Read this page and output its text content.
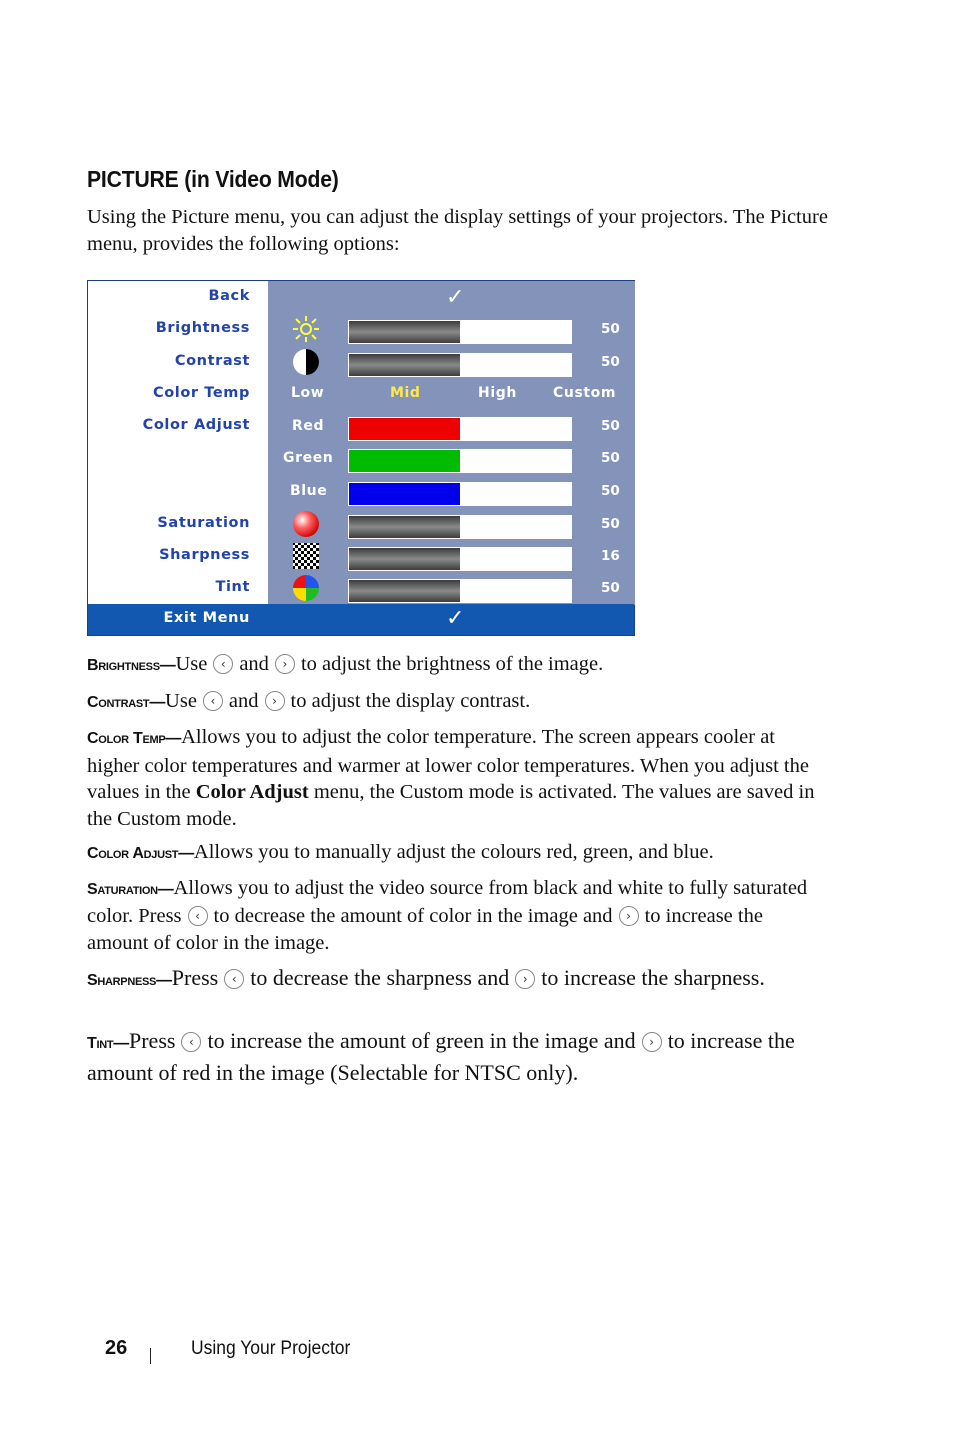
PICTURE (in Video Mode)

Using the Picture menu, you can adjust the display settings of your projectors. The Picture menu, provides the following options:

Back	✓
Brightness	50
Contrast	50
Color Temp	Low	Mid	High	Custom
Color Adjust	Red	50
Green	50
Blue	50
Saturation	50
Sharpness	16
Tint	50
Exit Menu	✓

Brightness—Use	‹ and	› to adjust the brightness of the image.

Contrast—Use	‹ and	› to adjust the display contrast.

Color Temp—Allows you to adjust the color temperature. The screen appears cooler at higher color temperatures and warmer at lower color temperatures. When you adjust the values in the Color Adjust menu, the Custom mode is activated. The values are saved in the Custom mode.

Color Adjust—Allows you to manually adjust the colours red, green, and blue.

Saturation—Allows you to adjust the video source from black and white to fully saturated color. Press	‹ to decrease the amount of color in the image and	› to increase the amount of color in the image.

Sharpness—Press	‹ to decrease the sharpness and	› to increase the sharpness.

Tint—Press	‹ to increase the amount of green in the image and	› to increase the amount of red in the image (Selectable for NTSC only).

26	Using Your Projector
